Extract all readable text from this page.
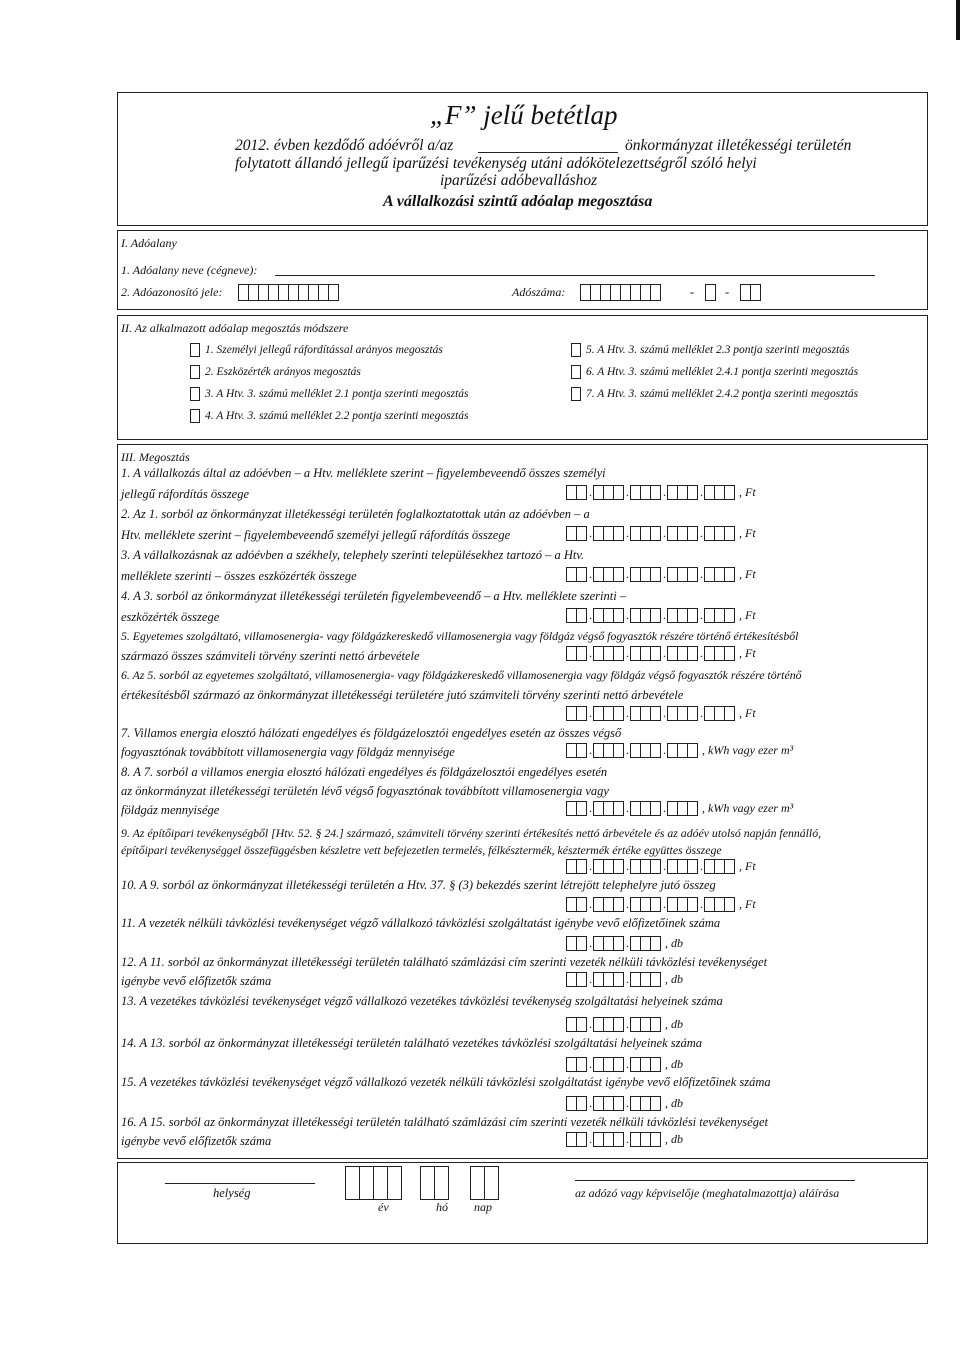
„F” jelű betétlap
2012. évben kezdődő adóévről a/az	önkormányzat illetékességi területén
folytatott állandó jellegű iparűzési tevékenység utáni adókötelezettségről szóló helyi
iparűzési adóbevalláshoz
A vállalkozási szintű adóalap megosztása
I. Adóalany
1. Adóalany neve (cégneve):
2. Adóazonosító jele:	Adószáma:	- -
II. Az alkalmazott adóalap megosztás módszere
1. Személyi jellegű ráfordítással arányos megosztás
2. Eszközérték arányos megosztás
3. A Htv. 3. számú melléklet 2.1 pontja szerinti megosztás
4. A Htv. 3. számú melléklet 2.2 pontja szerinti megosztás
5. A Htv. 3. számú melléklet 2.3 pontja szerinti megosztás
6. A Htv. 3. számú melléklet 2.4.1 pontja szerinti megosztás
7. A Htv. 3. számú melléklet 2.4.2 pontja szerinti megosztás
III. Megosztás
1. A vállalkozás által az adóévben – a Htv. melléklete szerint – figyelembeveendő összes személyi
jellegű ráfordítás összege	.	.	.	.	, Ft
2. Az 1. sorból az önkormányzat illetékességi területén foglalkoztatottak után az adóévben – a
Htv. melléklete szerint – figyelembeveendő személyi jellegű ráfordítás összege	.	.	.	.	, Ft
3. A vállalkozásnak az adóévben a székhely, telephely szerinti településekhez tartozó – a Htv.
melléklete szerinti – összes eszközérték összege	.	.	.	.	, Ft
4. A 3. sorból az önkormányzat illetékességi területén figyelembeveendő – a Htv. melléklete szerinti –
eszközérték összege	.	.	.	.	, Ft
5. Egyetemes szolgáltató, villamosenergia- vagy földgázkereskedő villamosenergia vagy földgáz végső fogyasztók részére történő értékesítésből
származó összes számviteli törvény szerinti nettó árbevétele	.	.	.	.	, Ft
6. Az 5. sorból az egyetemes szolgáltató, villamosenergia- vagy földgázkereskedő villamosenergia vagy földgáz végső fogyasztók részére történő
értékesítésből származó az önkormányzat illetékességi területére jutó számviteli törvény szerinti nettó árbevétele
.	.	.	.	, Ft
7. Villamos energia elosztó hálózati engedélyes és földgázelosztói engedélyes esetén az összes végső
fogyasztónak továbbított villamosenergia vagy földgáz mennyisége	.	.	.	, kWh vagy ezer m³
8. A 7. sorból a villamos energia elosztó hálózati engedélyes és földgázelosztói engedélyes esetén
az önkormányzat illetékességi területén lévő végső fogyasztónak továbbított villamosenergia vagy
földgáz mennyisége	.	.	.	, kWh vagy ezer m³
9. Az építőipari tevékenységből [Htv. 52. § 24.] származó, számviteli törvény szerinti értékesítés nettó árbevétele és az adóév utolsó napján fennálló,
építőipari tevékenységgel összefüggésben készletre vett befejezetlen termelés, félkésztermék, késztermék értéke együttes összege
.	.	.	.	, Ft
10. A 9. sorból az önkormányzat illetékességi területén a Htv. 37. § (3) bekezdés szerint létrejött telephelyre jutó összeg
.	.	.	.	, Ft
11. A vezeték nélküli távközlési tevékenységet végző vállalkozó távközlési szolgáltatást igénybe vevő előfizetőinek száma
.	.	, db
12. A 11. sorból az önkormányzat illetékességi területén található számlázási cím szerinti vezeték nélküli távközlési tevékenységet
igénybe vevő előfizetők száma	.	.	, db
13. A vezetékes távközlési tevékenységet végző vállalkozó vezetékes távközlési tevékenység szolgáltatási helyeinek száma
.	.	, db
14. A 13. sorból az önkormányzat illetékességi területén található vezetékes távközlési szolgáltatási helyeinek száma
.	.	, db
15. A vezetékes távközlési tevékenységet végző vállalkozó vezeték nélküli távközlési szolgáltatást igénybe vevő előfizetőinek száma
.	.	, db
16. A 15. sorból az önkormányzat illetékességi területén található számlázási cím szerinti vezeték nélküli távközlési tevékenységet
igénybe vevő előfizetők száma	.	.	, db
helység
év	hó nap
az adózó vagy képviselője (meghatalmazottja) aláírása
